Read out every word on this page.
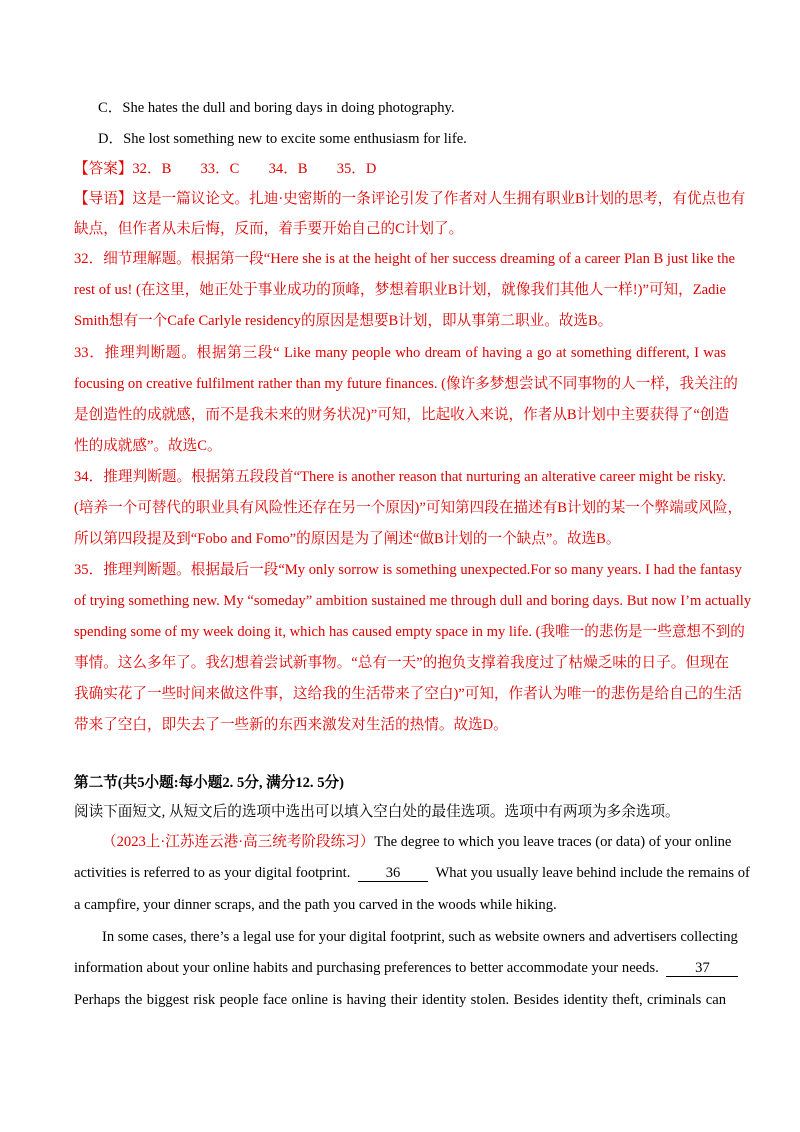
C．She hates the dull and boring days in doing photography.
D．She lost something new to excite some enthusiasm for life.
【答案】32．B　　33．C　　34．B　　35．D
【导语】这是一篇议论文。扎迪·史密斯的一条评论引发了作者对人生拥有职业B计划的思考，有优点也有
缺点，但作者从未后悔，反而，着手要开始自己的C计划了。
32．细节理解题。根据第一段“Here she is at the height of her success dreaming of a career Plan B just like the
rest of us! (在这里，她正处于事业成功的顶峰，梦想着职业B计划，就像我们其他人一样!)”可知，Zadie
Smith想有一个Cafe Carlyle residency的原因是想要B计划，即从事第二职业。故选B。
33．推理判断题。根据第三段“ Like many people who dream of having a go at something different, I was
focusing on creative fulfilment rather than my future finances. (像许多梦想尝试不同事物的人一样，我关注的
是创造性的成就感，而不是我未来的财务状况)”可知，比起收入来说，作者从B计划中主要获得了“创造
性的成就感”。故选C。
34．推理判断题。根据第五段段首“There is another reason that nurturing an alterative career might be risky.
(培养一个可替代的职业具有风险性还存在另一个原因)”可知第四段在描述有B计划的某一个弊端或风险，
所以第四段提及到“Fobo and Fomo”的原因是为了阐述“做B计划的一个缺点”。故选B。
35．推理判断题。根据最后一段“My only sorrow is something unexpected.For so many years. I had the fantasy
of trying something new. My “someday” ambition sustained me through dull and boring days. But now I’m actually
spending some of my week doing it, which has caused empty space in my life. (我唯一的悲伤是一些意想不到的
事情。这么多年了。我幻想着尝试新事物。“总有一天”的抱负支撑着我度过了枯燥乏味的日子。但现在
我确实花了一些时间来做这件事，这给我的生活带来了空白)”可知，作者认为唯一的悲伤是给自己的生活
带来了空白，即失去了一些新的东西来激发对生活的热情。故选D。
第二节(共5小题:每小题2. 5分, 满分12. 5分)
阅读下面短文, 从短文后的选项中选出可以填入空白处的最佳选项。选项中有两项为多余选项。
（2023上·江苏连云港·高三统考阶段练习）The degree to which you leave traces (or data) of your online
activities is referred to as your digital footprint. 36 What you usually leave behind include the remains of
a campfire, your dinner scraps, and the path you carved in the woods while hiking.
In some cases, there’s a legal use for your digital footprint, such as website owners and advertisers collecting
information about your online habits and purchasing preferences to better accommodate your needs. 37
Perhaps the biggest risk people face online is having their identity stolen. Besides identity theft, criminals can
